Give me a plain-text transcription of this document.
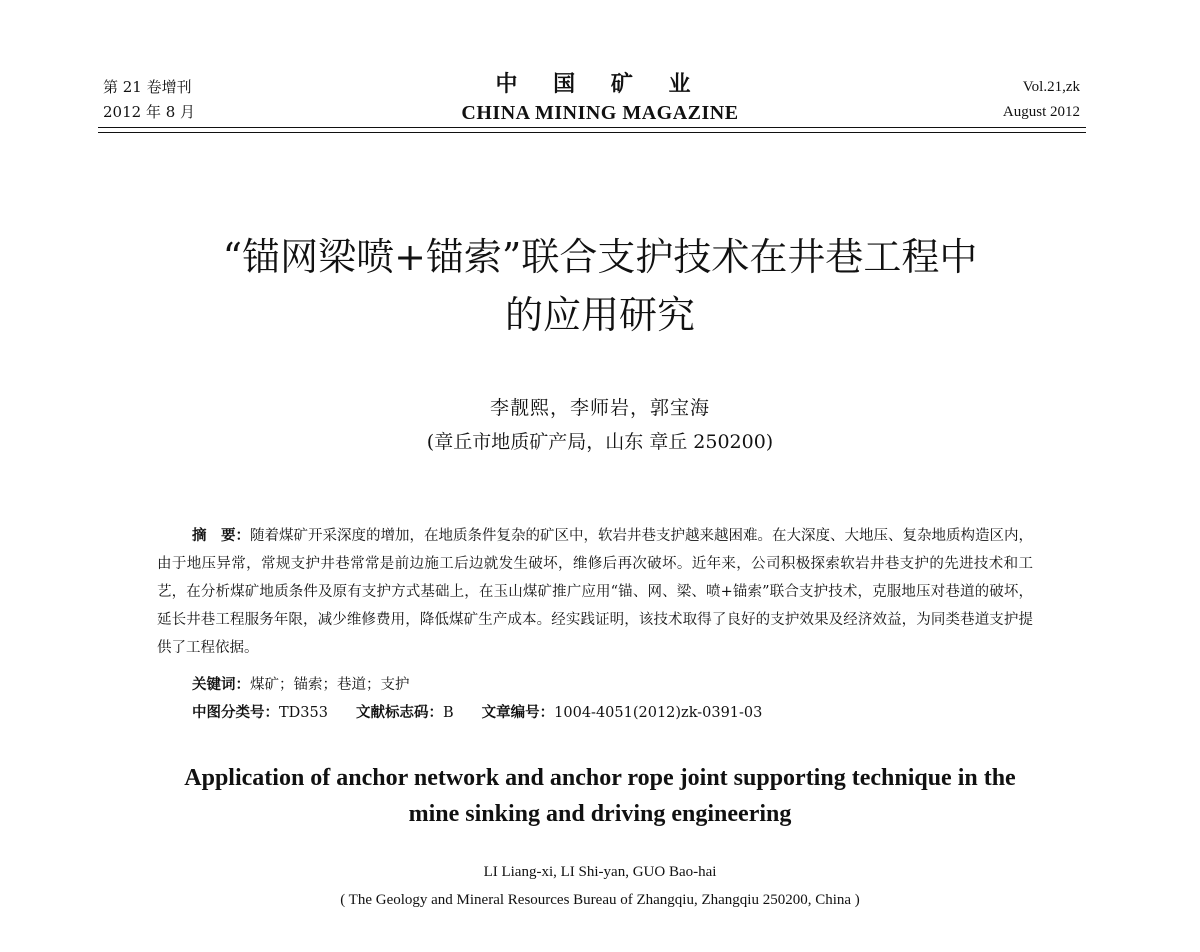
第 21 卷增刊
2012 年 8 月
中 国 矿 业
CHINA MINING MAGAZINE
Vol.21,zk
August 2012
“锚网梁喷+锚索”联合支护技术在井巷工程中
的应用研究
李靓熙，李师岩，郭宝海
(章丘市地质矿产局，山东 章丘 250200)

摘　要：随着煤矿开采深度的增加，在地质条件复杂的矿区中，软岩井巷支护越来越困难。在大深度、大地压、复杂地质构造区内，由于地压异常，常规支护井巷常常是前边施工后边就发生破坏，维修后再次破坏。近年来，公司积极探索软岩井巷支护的先进技术和工艺，在分析煤矿地质条件及原有支护方式基础上，在玉山煤矿推广应用“锚、网、梁、喷+锚索”联合支护技术，克服地压对巷道的破坏，延长井巷工程服务年限，减少维修费用，降低煤矿生产成本。经实践证明，该技术取得了良好的支护效果及经济效益，为同类巷道支护提供了工程依据。

关键词：煤矿；锚索；巷道；支护
中图分类号：TD353 文献标志码：B 文章编号：1004-4051(2012)zk-0391-03
Application of anchor network and anchor rope joint supporting technique in the
mine sinking and driving engineering
LI Liang-xi, LI Shi-yan, GUO Bao-hai
( The Geology and Mineral Resources Bureau of Zhangqiu, Zhangqiu 250200, China )
